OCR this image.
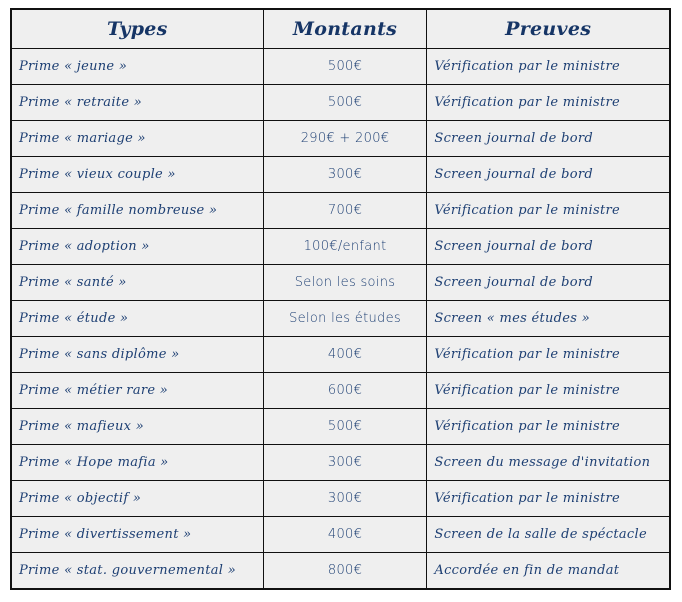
Types	Montants	Preuves
Prime « jeune »	500€	Vérification par le ministre
Prime « retraite »	500€	Vérification par le ministre
Prime « mariage »	290€ + 200€	Screen journal de bord
Prime « vieux couple »	300€	Screen journal de bord
Prime « famille nombreuse »	700€	Vérification par le ministre
Prime « adoption »	100€/enfant	Screen journal de bord
Prime « santé »	Selon les soins	Screen journal de bord
Prime « étude »	Selon les études	Screen « mes études »
Prime « sans diplôme »	400€	Vérification par le ministre
Prime « métier rare »	600€	Vérification par le ministre
Prime « mafieux »	500€	Vérification par le ministre
Prime « Hope mafia »	300€	Screen du message d'invitation
Prime « objectif »	300€	Vérification par le ministre
Prime « divertissement »	400€	Screen de la salle de spéctacle
Prime « stat. gouvernemental »	800€	Accordée en fin de mandat
